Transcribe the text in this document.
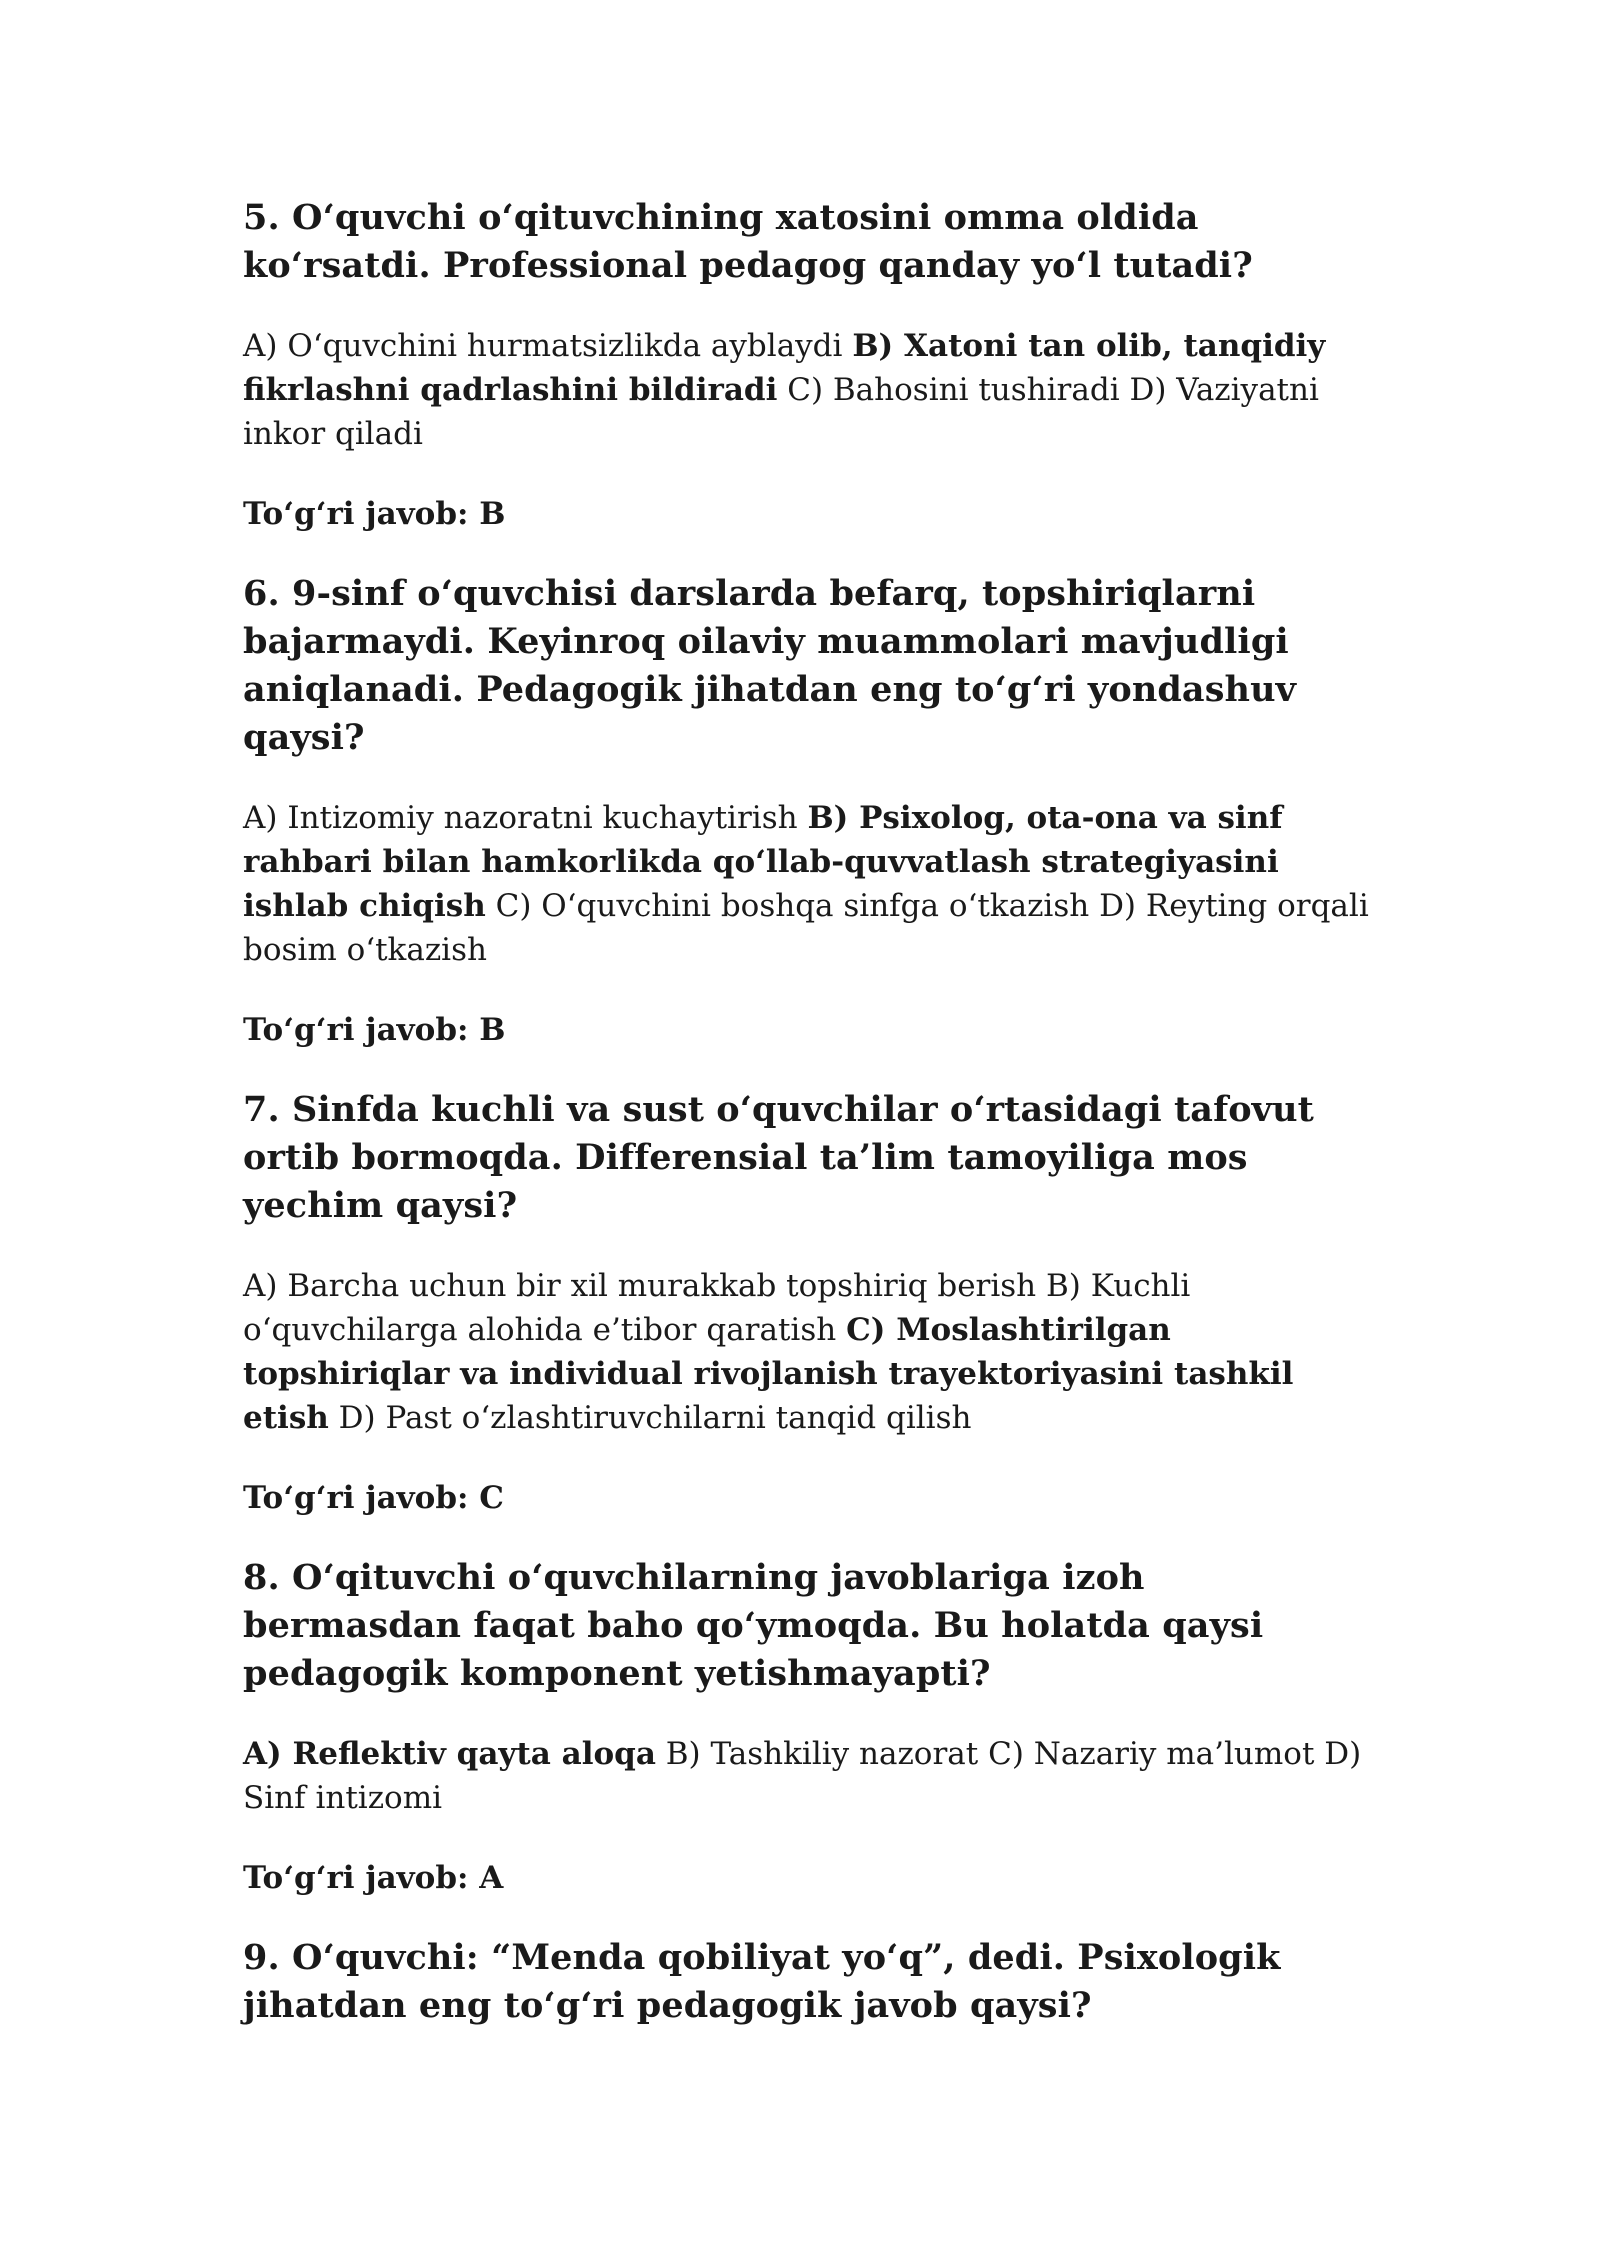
5. O‘quvchi o‘qituvchining xatosini omma oldida ko‘rsatdi. Professional pedagog qanday yo‘l tutadi?

A) O‘quvchini hurmatsizlikda ayblaydi B) Xatoni tan olib, tanqidiy fikrlashni qadrlashini bildiradi C) Bahosini tushiradi D) Vaziyatni inkor qiladi

To‘g‘ri javob: B

6. 9-sinf o‘quvchisi darslarda befarq, topshiriqlarni bajarmaydi. Keyinroq oilaviy muammolari mavjudligi aniqlanadi. Pedagogik jihatdan eng to‘g‘ri yondashuv qaysi?

A) Intizomiy nazoratni kuchaytirish B) Psixolog, ota-ona va sinf rahbari bilan hamkorlikda qo‘llab-quvvatlash strategiyasini ishlab chiqish C) O‘quvchini boshqa sinfga o‘tkazish D) Reyting orqali bosim o‘tkazish

To‘g‘ri javob: B

7. Sinfda kuchli va sust o‘quvchilar o‘rtasidagi tafovut ortib bormoqda. Differensial ta’lim tamoyiliga mos yechim qaysi?

A) Barcha uchun bir xil murakkab topshiriq berish B) Kuchli o‘quvchilarga alohida e’tibor qaratish C) Moslashtirilgan topshiriqlar va individual rivojlanish trayektoriyasini tashkil etish D) Past o‘zlashtiruvchilarni tanqid qilish

To‘g‘ri javob: C

8. O‘qituvchi o‘quvchilarning javoblariga izoh bermasdan faqat baho qo‘ymoqda. Bu holatda qaysi pedagogik komponent yetishmayapti?

A) Reflektiv qayta aloqa B) Tashkiliy nazorat C) Nazariy ma’lumot D) Sinf intizomi

To‘g‘ri javob: A

9. O‘quvchi: “Menda qobiliyat yo‘q”, dedi. Psixologik jihatdan eng to‘g‘ri pedagogik javob qaysi?
